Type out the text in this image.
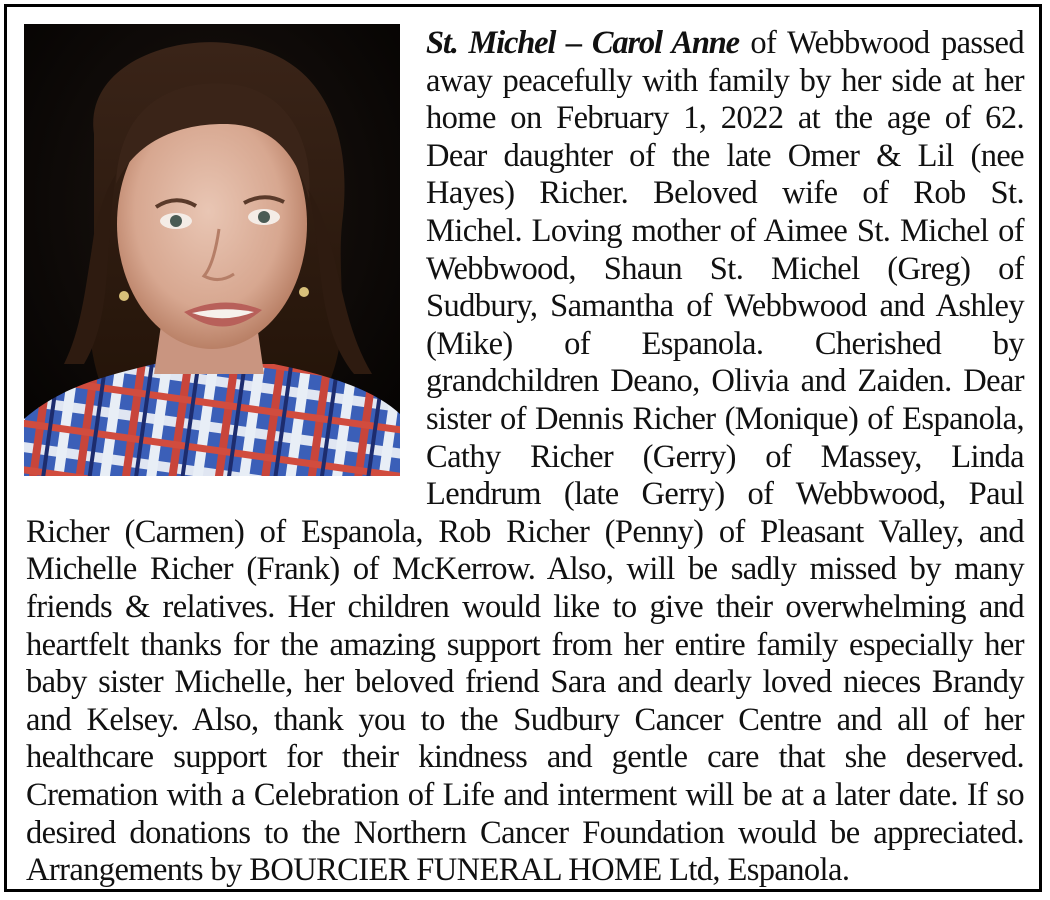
St. Michel – Carol Anne of Webbwood passed
away peacefully with family by her side at her
home on February 1, 2022 at the age of 62.
Dear daughter of the late Omer & Lil (nee
Hayes) Richer. Beloved wife of Rob St.
Michel. Loving mother of Aimee St. Michel of
Webbwood, Shaun St. Michel (Greg) of
Sudbury, Samantha of Webbwood and Ashley
(Mike) of Espanola. Cherished by
grandchildren Deano, Olivia and Zaiden. Dear
sister of Dennis Richer (Monique) of Espanola,
Cathy Richer (Gerry) of Massey, Linda
Lendrum (late Gerry) of Webbwood, Paul
Richer (Carmen) of Espanola, Rob Richer (Penny) of Pleasant Valley, and
Michelle Richer (Frank) of McKerrow. Also, will be sadly missed by many
friends & relatives. Her children would like to give their overwhelming and
heartfelt thanks for the amazing support from her entire family especially her
baby sister Michelle, her beloved friend Sara and dearly loved nieces Brandy
and Kelsey. Also, thank you to the Sudbury Cancer Centre and all of her
healthcare support for their kindness and gentle care that she deserved.
Cremation with a Celebration of Life and interment will be at a later date. If so
desired donations to the Northern Cancer Foundation would be appreciated.
Arrangements by BOURCIER FUNERAL HOME Ltd, Espanola.
